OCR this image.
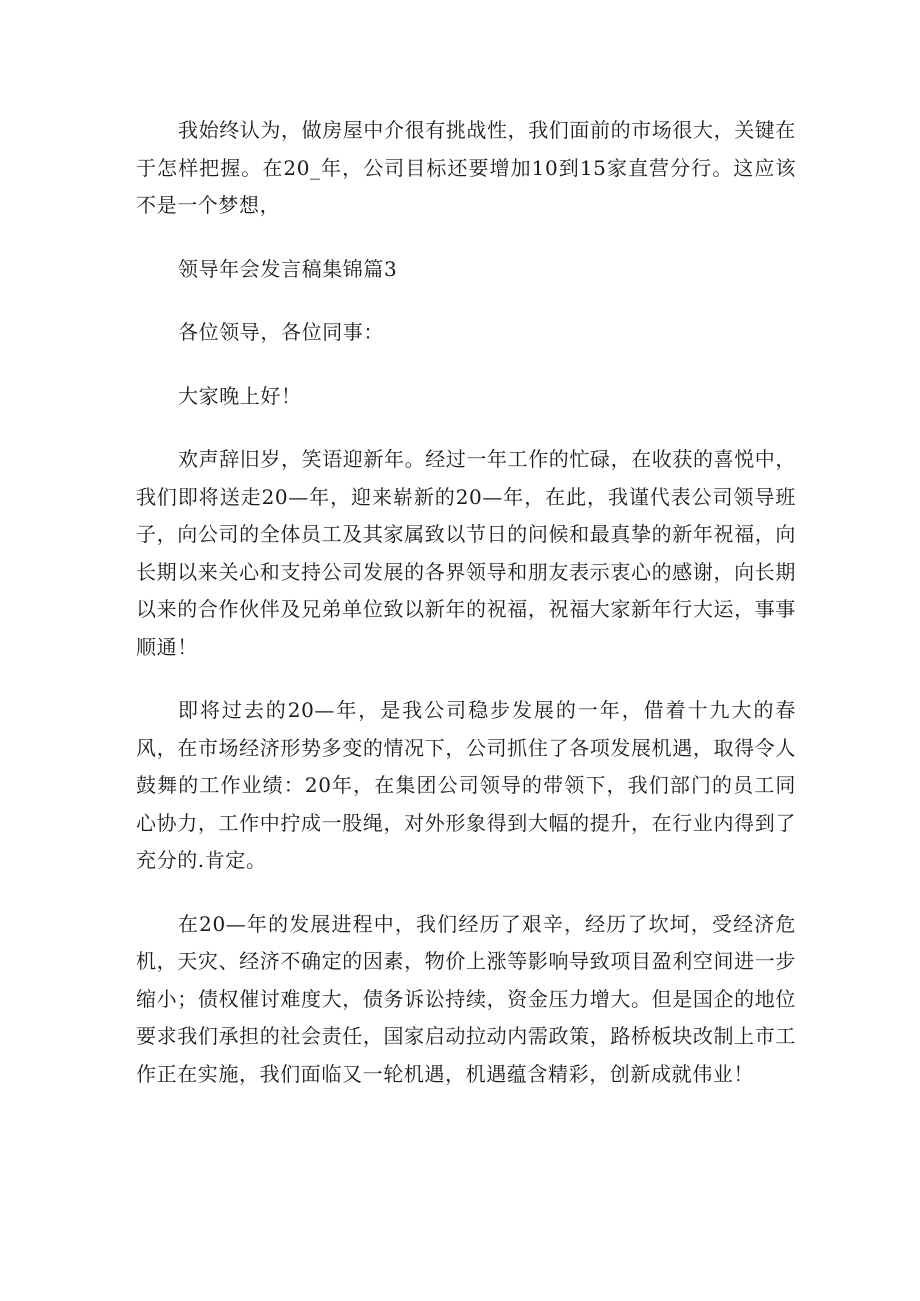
我始终认为，做房屋中介很有挑战性，我们面前的市场很大，关键在于怎样把握。在20_年，公司目标还要增加10到15家直营分行。这应该不是一个梦想，

领导年会发言稿集锦篇3

各位领导，各位同事：

大家晚上好！

欢声辞旧岁，笑语迎新年。经过一年工作的忙碌，在收获的喜悦中，我们即将送走20—年，迎来崭新的20—年，在此，我谨代表公司领导班子，向公司的全体员工及其家属致以节日的问候和最真挚的新年祝福，向长期以来关心和支持公司发展的各界领导和朋友表示衷心的感谢，向长期以来的合作伙伴及兄弟单位致以新年的祝福，祝福大家新年行大运，事事顺通！

即将过去的20—年，是我公司稳步发展的一年，借着十九大的春风，在市场经济形势多变的情况下，公司抓住了各项发展机遇，取得令人鼓舞的工作业绩：20年，在集团公司领导的带领下，我们部门的员工同心协力，工作中拧成一股绳，对外形象得到大幅的提升，在行业内得到了充分的.肯定。

在20—年的发展进程中，我们经历了艰辛，经历了坎坷，受经济危机，天灾、经济不确定的因素，物价上涨等影响导致项目盈利空间进一步缩小；债权催讨难度大，债务诉讼持续，资金压力增大。但是国企的地位要求我们承担的社会责任，国家启动拉动内需政策，路桥板块改制上市工作正在实施，我们面临又一轮机遇，机遇蕴含精彩，创新成就伟业！
